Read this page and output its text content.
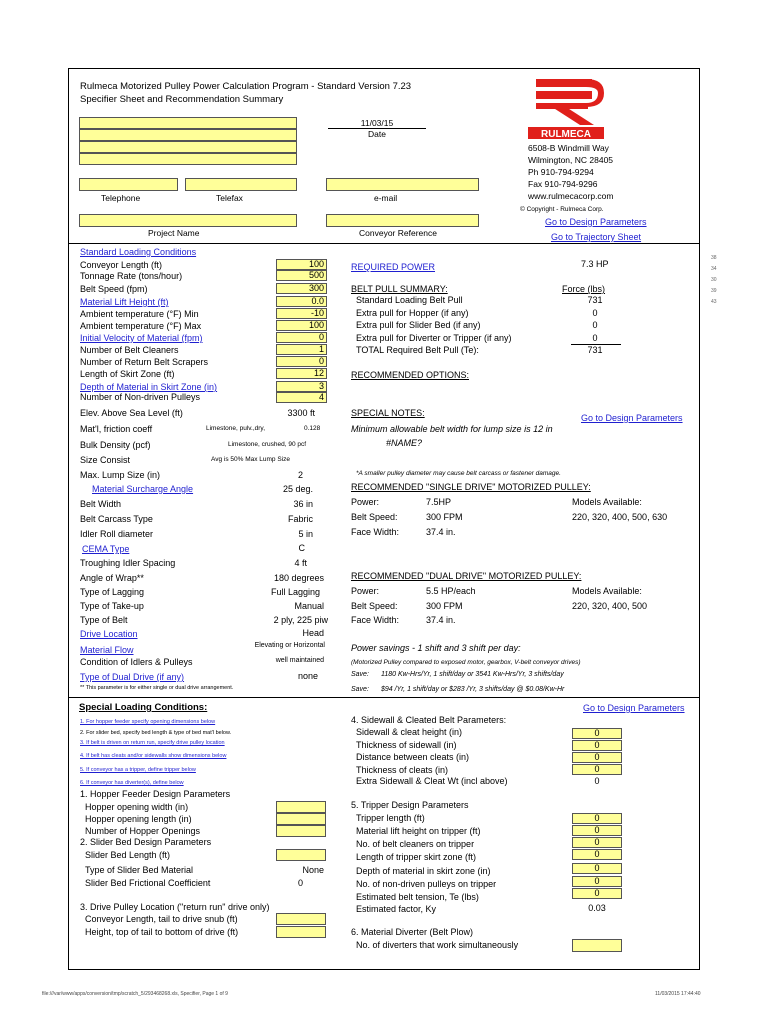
Rulmeca Motorized Pulley Power Calculation Program - Standard Version 7.23
Specifier Sheet and Recommendation Summary
11/03/15
Date
Telephone	Telefax	e-mail
Project Name	Conveyor Reference
RULMECA
6508-B Windmill Way
Wilmington, NC 28405
Ph 910-794-9294
Fax 910-794-9296
www.rulmecacorp.com
© Copyright - Rulmeca Corp.
Go to Design Parameters
Go to Trajectory Sheet
38
34
30
39
43
Standard Loading Conditions
Conveyor Length (ft)	100
Tonnage Rate (tons/hour)	500
Belt Speed (fpm)	300
Material Lift Height (ft)	0.0
Ambient temperature (°F) Min	-10
Ambient temperature (°F) Max	100
Initial Velocity of Material (fpm)	0
Number of Belt Cleaners	1
Number of Return Belt Scrapers	0
Length of Skirt Zone (ft)	12
Depth of Material in Skirt Zone (in)	3
Number of Non-driven Pulleys	4
Elev. Above Sea Level (ft)	3300 ft
Mat'l, friction coeff	Limestone, pulv.,dry,	0.128
Bulk Density (pcf)	Limestone, crushed, 90 pcf
Size Consist	Avg is 50% Max Lump Size
Max. Lump Size (in)	2
Material Surcharge Angle	25 deg.
Belt Width	36 in
Belt Carcass Type	Fabric
Idler Roll diameter	5 in
CEMA Type	C
Troughing Idler Spacing	4 ft
Angle of Wrap**	180 degrees
Type of Lagging	Full Lagging
Type of Take-up	Manual
Type of Belt	2 ply, 225 piw
Drive Location	Head
Material Flow	Elevating or Horizontal
Condition of Idlers & Pulleys	well maintained
Type of Dual Drive (if any)	none
** This parameter is for either single or dual drive arrangement.
REQUIRED POWER	7.3 HP
BELT PULL SUMMARY:	Force (lbs)
Standard Loading Belt Pull	731
Extra pull for Hopper (if any)	0
Extra pull for Slider Bed (if any)	0
Extra pull for Diverter or Tripper (if any)	0
TOTAL Required Belt Pull (Te):	731
RECOMMENDED OPTIONS:
SPECIAL NOTES:	Go to Design Parameters
Minimum allowable belt width for lump size is 12 in
#NAME?
*A smaller pulley diameter may cause belt carcass or fastener damage.
RECOMMENDED "SINGLE DRIVE" MOTORIZED PULLEY:
Power:	7.5HP	Models Available:
Belt Speed:	300 FPM	220, 320, 400, 500, 630
Face Width:	37.4 in.
RECOMMENDED "DUAL DRIVE" MOTORIZED PULLEY:
Power:	5.5 HP/each	Models Available:
Belt Speed:	300 FPM	220, 320, 400, 500
Face Width:	37.4 in.
Power savings - 1 shift and 3 shift per day:
(Motorized Pulley compared to exposed motor, gearbox, V-belt conveyor drives)
Save: 1180 Kw-Hrs/Yr, 1 shift/day or 3541 Kw-Hrs/Yr, 3 shifts/day
Save: $94 /Yr, 1 shift/day or $283 /Yr, 3 shifts/day @ $0.08/Kw-Hr
Special Loading Conditions:	Go to Design Parameters
1. For hopper feeder specify opening dimensions below
2. For slider bed, specify bed length & type of bed mat'l below.
3. If belt is driven on return run, specify drive pulley location
4. If belt has cleats and/or sidewalls show dimensions below
5. If conveyor has a tripper, define tripper below
6. If conveyor has diverter(s), define below
1. Hopper Feeder Design Parameters
Hopper opening width (in)
Hopper opening length (in)
Number of Hopper Openings
2. Slider Bed Design Parameters
Slider Bed Length (ft)
Type of Slider Bed Material	None
Slider Bed Frictional Coefficient	0
3. Drive Pulley Location ("return run" drive only)
Conveyor Length, tail to drive snub (ft)
Height, top of tail to bottom of drive (ft)
4. Sidewall & Cleated Belt Parameters:
Sidewall & cleat height (in)	0
Thickness of sidewall (in)	0
Distance between cleats (in)	0
Thickness of cleats (in)	0
Extra Sidewall & Cleat Wt (incl above)	0
5. Tripper Design Parameters
Tripper length (ft)	0
Material lift height on tripper (ft)	0
No. of belt cleaners on tripper	0
Length of tripper skirt zone (ft)	0
Depth of material in skirt zone (in)	0
No. of non-driven pulleys on tripper	0
Estimated belt tension, Te (lbs)	0
Estimated factor, Ky	0.03
6. Material Diverter (Belt Plow)
No. of diverters that work simultaneously
file:///var/www/apps/conversion/tmp/scratch_5/293468268.xls, Specifier, Page 1 of 9	11/03/2015 17:44:40
